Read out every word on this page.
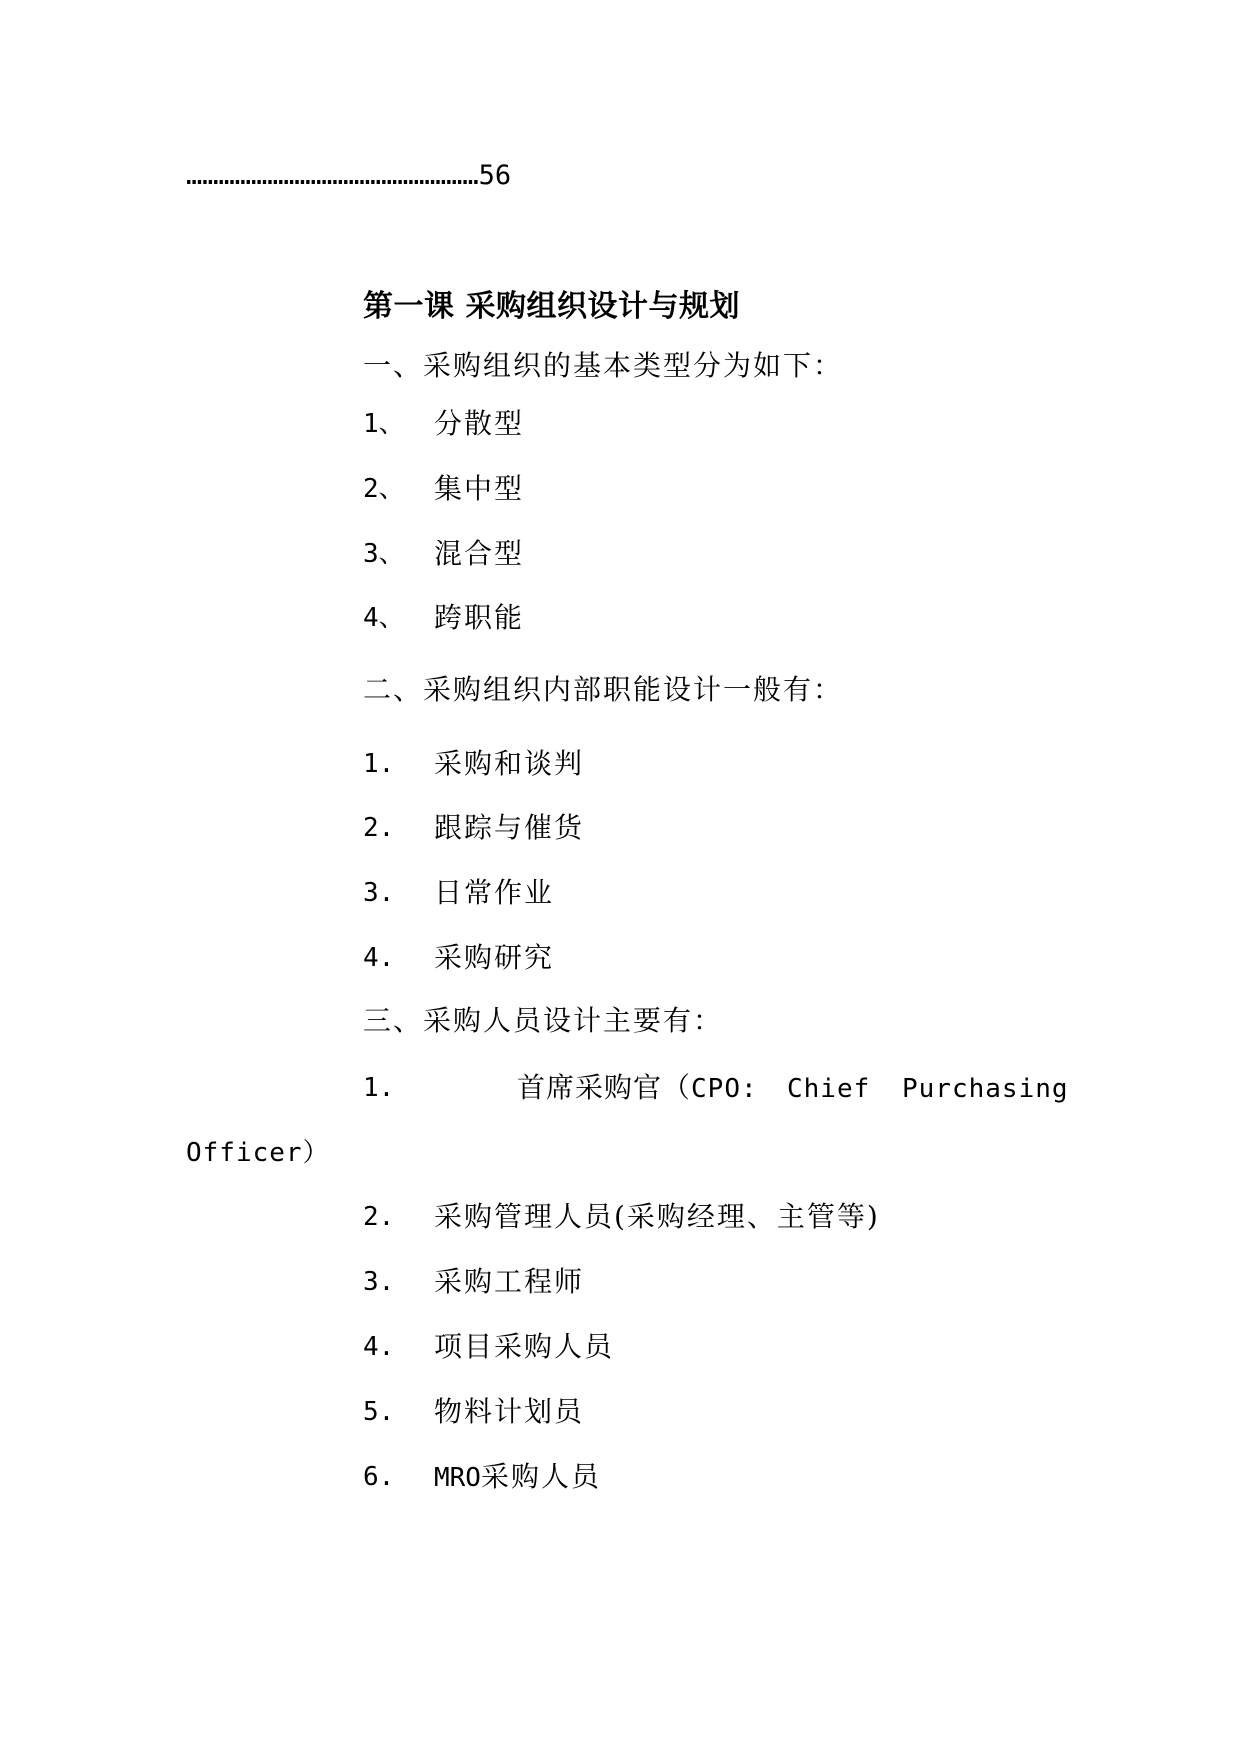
………………………………………………56
第一课 采购组织设计与规划
一、采购组织的基本类型分为如下：
1、 分散型
2、 集中型
3、 混合型
4、 跨职能
二、采购组织内部职能设计一般有：
1. 采购和谈判
2. 跟踪与催货
3. 日常作业
4. 采购研究
三、采购人员设计主要有：
1.	首席采购官（CPO: Chief Purchasing
Officer）
2. 采购管理人员(采购经理、主管等)
3. 采购工程师
4. 项目采购人员
5. 物料计划员
6. MRO采购人员
